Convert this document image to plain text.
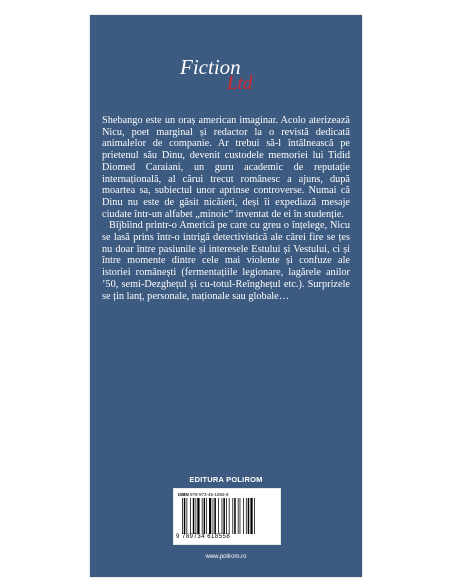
Fiction
Ltd

Shebango este un oraș american imaginar. Acolo aterizează Nicu, poet marginal și redactor la o revistă dedicată animalelor de companie. Ar trebui să-l întâlnească pe prietenul său Dinu, devenit custodele memoriei lui Tidid Diomed Caraiani, un guru academic de reputație internațională, al cărui trecut românesc a ajuns, după moartea sa, subiectul unor aprinse controverse. Numai că Dinu nu este de găsit nicăieri, deși îi expediază mesaje ciudate într-un alfabet „minoic” inventat de ei în studenție.

Bîjbîind printr-o Americă pe care cu greu o înțelege, Nicu se lasă prins într-o intrigă detectivistică ale cărei fire se țes nu doar între pasiunile și interesele Estului și Vestului, ci și între momente dintre cele mai violente și confuze ale istoriei românești (fermentațiile legionare, lagărele anilor ’50, semi-Dezghețul și cu-totul-Reînghețul etc.). Surprizele se țin lanț, personale, naționale sau globale…

EDITURA POLIROM
ISBN 978-973-46-1855-8
9 789734 618558
www.polirom.ro
